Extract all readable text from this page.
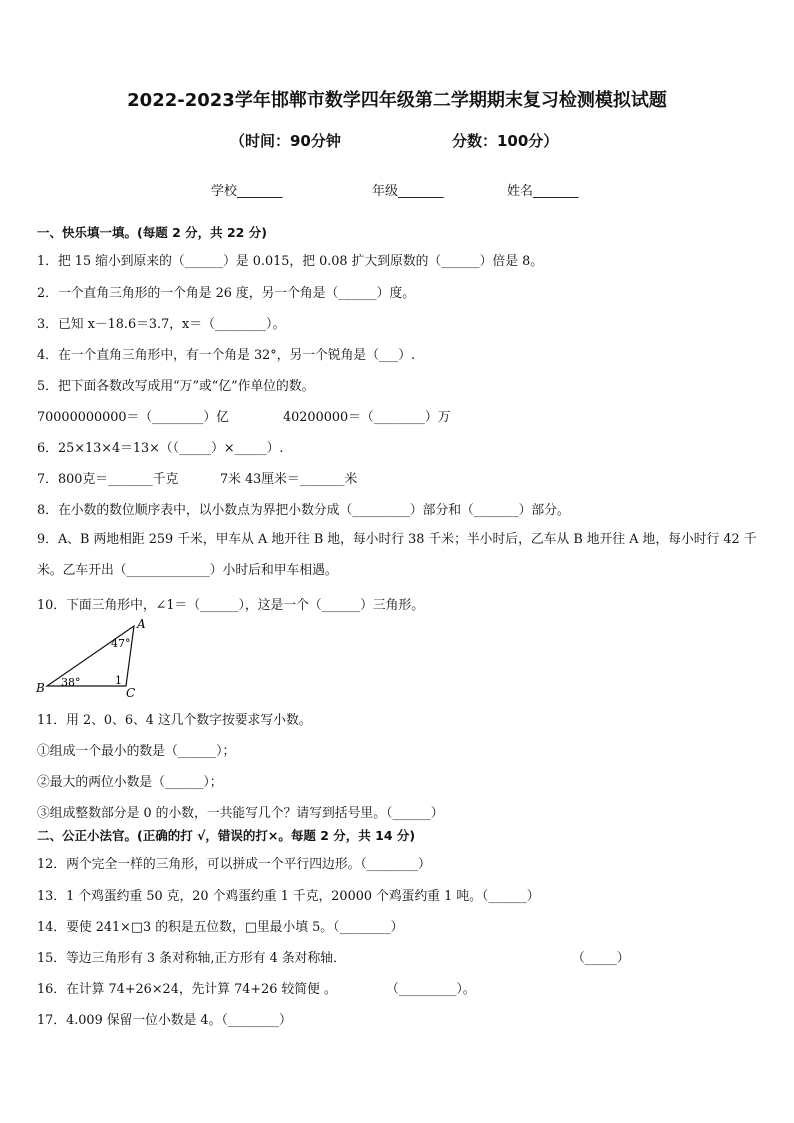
2022-2023学年邯郸市数学四年级第二学期期末复习检测模拟试题
（时间：90分钟	分数：100分）
学校_______	年级_______	姓名_______
一、快乐填一填。(每题 2 分，共 22 分)
1．把 15 缩小到原来的（______）是 0.015，把 0.08 扩大到原数的（______）倍是 8。
2．一个直角三角形的一个角是 26 度，另一个角是（______）度。
3．已知 x－18.6＝3.7，x＝（________）。
4．在一个直角三角形中，有一个角是 32°，另一个锐角是（___）.
5．把下面各数改写成用“万”或“亿”作单位的数。
70000000000＝（________）亿	40200000＝（________）万
6．25×13×4＝13×（（_____）×_____）.
7．800克＝_______千克	7米 43厘米＝_______米
8．在小数的数位顺序表中，以小数点为界把小数分成（_________）部分和（_______）部分。
9．A、B 两地相距 259 千米，甲车从 A 地开往 B 地，每小时行 38 千米；半小时后，乙车从 B 地开往 A 地，每小时行 42 千米。乙车开出（_____________）小时后和甲车相遇。
10．下面三角形中，∠1＝（______），这是一个（______）三角形。
A
B	C
47°
38°	1
11．用 2、0、6、4 这几个数字按要求写小数。
①组成一个最小的数是（______）；
②最大的两位小数是（______）；
③组成整数部分是 0 的小数，一共能写几个？请写到括号里。（______）
二、公正小法官。(正确的打 √，错误的打×。每题 2 分，共 14 分)
12．两个完全一样的三角形，可以拼成一个平行四边形。（________）
13．1 个鸡蛋约重 50 克，20 个鸡蛋约重 1 千克，20000 个鸡蛋约重 1 吨。（______）
14．要使 241×□3 的积是五位数，□里最小填 5。（________）
15．等边三角形有 3 条对称轴,正方形有 4 条对称轴．	（_____）
16．在计算 74+26×24，先计算 74+26 较简便 。	（_________）。
17．4.009 保留一位小数是 4。（________）
